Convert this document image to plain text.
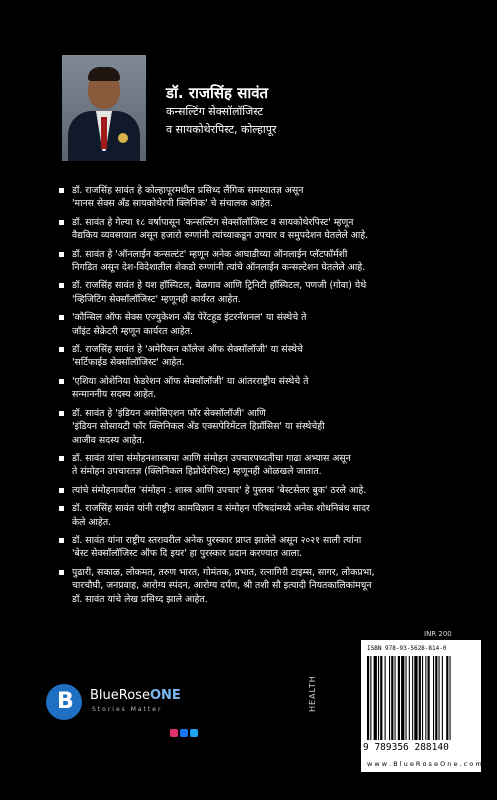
डॉ. राजसिंह सावंत
कन्सल्टिंग सेक्सॉलॉजिस्ट
व सायकोथेरपिस्ट, कोल्हापूर
डॉ. राजसिंह सावंत हे कोल्हापूरमधील प्रसिध्द लैंगिक समस्यातज्ञ असून
'मानस सेक्स अँड सायकोथेरपी क्लिनिक' चे संचालक आहेत.
डॉ. सावंत हे गेल्या १८ वर्षापासून 'कन्सल्टिंग सेक्सॉलॉजिस्ट व सायकोथेरपिस्ट' म्हणून
वैद्यकिय व्यवसायात असून हजारो रुग्णांनी त्यांच्याकडून उपचार व समुपदेशन घेतलेले आहे.
डॉ. सावंत हे 'ऑनलाईन कन्सल्टंट' म्हणून अनेक आघाडीच्या ऑनलाईन प्लॅटफॉर्मशी
निगडित असून देश-विदेशातील शेकडो रुग्णांनी त्यांचे ऑनलाईन कन्सल्टेशन घेतलेले आहे.
डॉ. राजसिंह सावंत हे यश हॉस्पिटल, बेळगाव आणि ट्रिनिटी हॉस्पिटल, पणजी (गोवा) येथे
'व्हिजिटिंग सेक्सॉलॉजिस्ट' म्हणूनही कार्यरत आहेत.
'कौन्सिल ऑफ सेक्स एज्युकेशन अँड पेरेंटहूड इंटरनॅशनल' या संस्थेचे ते
जॉइंट सेक्रेटरी म्हणून कार्यरत आहेत.
डॉ. राजसिंह सावंत हे 'अमेरिकन कॉलेज ऑफ सेक्सॉलॉजी' या संस्थेचे
'सर्टिफाईड सेक्सॉलॉजिस्ट' आहेत.
'एशिया ओशेनिया फेडरेशन ऑफ सेक्सॉलॉजी' या आंतरराष्ट्रीय संस्थेचे ते
सन्माननीय सदस्य आहेत.
डॉ. सावंत हे 'इंडियन असोसिएशन फॉर सेक्सॉलॉजी' आणि
'इंडियन सोसायटी फॉर क्लिनिकल अँड एक्सपेरिमेंटल हिप्नॉसिस' या संस्थेचेही
आजीव सदस्य आहेत.
डॉ. सावंत यांचा संमोहनशास्त्राचा आणि संमोहन उपचारपध्दतीचा गाढा अभ्यास असून
ते संमोहन उपचारतज्ञ (क्लिनिकल हिप्नोथेरपिस्ट) म्हणूनही ओळखले जातात.
त्यांचे संमोहनावरील 'संमोहन : शास्त्र आणि उपचार' हे पुस्तक 'बेस्टसेलर बुक' ठरले आहे.
डॉ. राजसिंह सावंत यांनी राष्ट्रीय कामविज्ञान व संमोहन परिषदांमध्ये अनेक शोधनिबंध सादर
केले आहेत.
डॉ. सावंत यांना राष्ट्रीय स्तरावरील अनेक पुरस्कार प्राप्त झालेले असून २०२१ साली त्यांना
'बेस्ट सेक्सॉलॉजिस्ट ऑफ दि इयर' हा पुरस्कार प्रदान करण्यात आला.
पुढारी, सकाळ, लोकमत, तरुण भारत, गोमंतक, प्रभात, रत्नागिरी टाइम्स, सागर, लोकप्रभा,
चारचौघी, जनप्रवाह, आरोग्य स्पंदन, आरोग्य दर्पण, श्री तशी सौ इत्यादी नियतकालिकांमधून
डॉ. सावंत यांचे लेख प्रसिध्द झाले आहेत.
INR 200
B BlueRoseONE
Stories Matter	HEALTH
ISBN 978-93-5628-814-0
9 789356 288140
w w w . B l u e R o s e O n e . c o m
